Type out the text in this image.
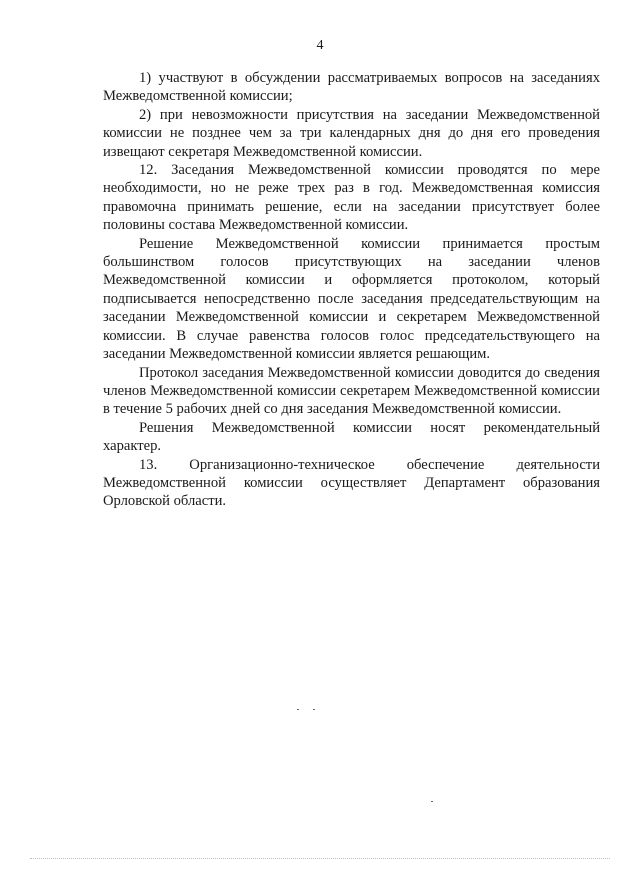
4

1) участвуют в обсуждении рассматриваемых вопросов на заседаниях Межведомственной комиссии;

2) при невозможности присутствия на заседании Межведомственной комиссии не позднее чем за три календарных дня до дня его проведения извещают секретаря Межведомственной комиссии.

12. Заседания Межведомственной комиссии проводятся по мере необходимости, но не реже трех раз в год. Межведомственная комиссия правомочна принимать решение, если на заседании присутствует более половины состава Межведомственной комиссии.

Решение Межведомственной комиссии принимается простым большинством голосов присутствующих на заседании членов Межведомственной комиссии и оформляется протоколом, который подписывается непосредственно после заседания председательствующим на заседании Межведомственной комиссии и секретарем Межведомственной комиссии. В случае равенства голосов голос председательствующего на заседании Межведомственной комиссии является решающим.

Протокол заседания Межведомственной комиссии доводится до сведения членов Межведомственной комиссии секретарем Межведомственной комиссии в течение 5 рабочих дней со дня заседания Межведомственной комиссии.

Решения Межведомственной комиссии носят рекомендательный характер.

13. Организационно-техническое обеспечение деятельности Межведомственной комиссии осуществляет Департамент образования Орловской области.
